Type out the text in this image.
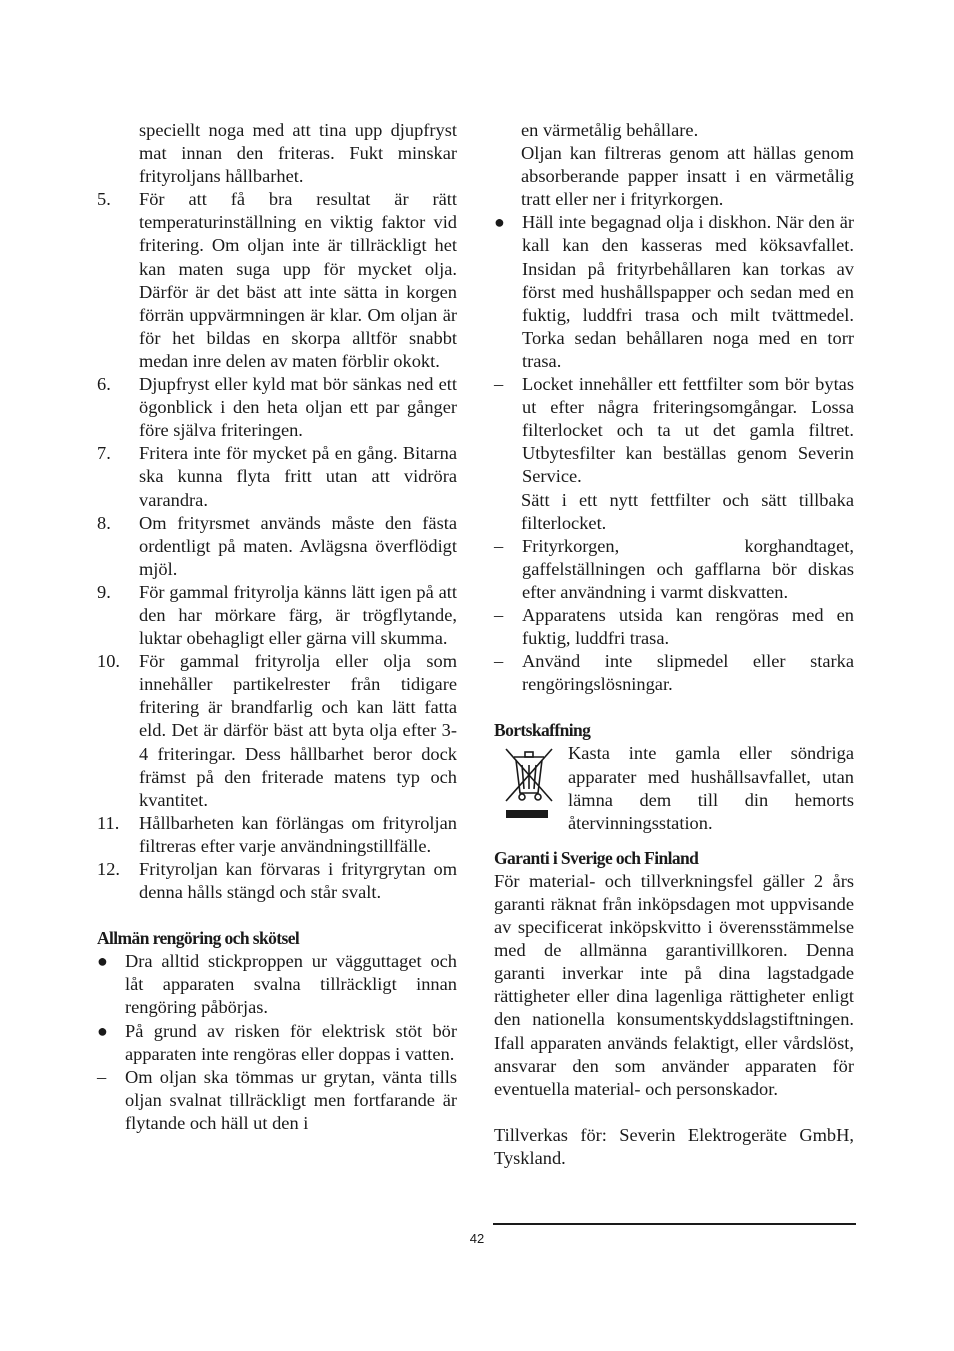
speciellt noga med att tina upp djupfryst mat innan den friteras. Fukt minskar frityroljans hållbarhet.

5.	För att få bra resultat är rätt temperaturinställning en viktig faktor vid fritering. Om oljan inte är tillräckligt het kan maten suga upp för mycket olja. Därför är det bäst att inte sätta in korgen förrän uppvärmningen är klar. Om oljan är för het bildas en skorpa alltför snabbt medan inre delen av maten förblir okokt.
6.	Djupfryst eller kyld mat bör sänkas ned ett ögonblick i den heta oljan ett par gånger före själva friteringen.
7.	Fritera inte för mycket på en gång. Bitarna ska kunna flyta fritt utan att vidröra varandra.
8.	Om frityrsmet används måste den fästa ordentligt på maten. Avlägsna överflödigt mjöl.
9.	För gammal frityrolja känns lätt igen på att den har mörkare färg, är trögflytande, luktar obehagligt eller gärna vill skumma.
10.	För gammal frityrolja eller olja som innehåller partikelrester från tidigare fritering är brandfarlig och kan lätt fatta eld. Det är därför bäst att byta olja efter 3-4 friteringar. Dess hållbarhet beror dock främst på den friterade matens typ och kvantitet.
11.	Hållbarheten kan förlängas om frityroljan filtreras efter varje användningstillfälle.
12.	Frityroljan kan förvaras i frityrgrytan om denna hålls stängd och står svalt.
Allmän rengöring och skötsel
● Dra alltid stickproppen ur vägguttaget och låt apparaten svalna tillräckligt innan rengöring påbörjas.
● På grund av risken för elektrisk stöt bör apparaten inte rengöras eller doppas i vatten.
–	Om oljan ska tömmas ur grytan, vänta tills oljan svalnat tillräckligt men fortfarande är flytande och häll ut den i

en värmetålig behållare.

Oljan kan filtreras genom att hällas genom absorberande papper insatt i en värmetålig tratt eller ner i frityrkorgen.

● Häll inte begagnad olja i diskhon. När den är kall kan den kasseras med köksavfallet. Insidan på frityrbehållaren kan torkas av först med hushållspapper och sedan med en fuktig, luddfri trasa och milt tvättmedel. Torka sedan behållaren noga med en torr trasa.
–	Locket innehåller ett fettfilter som bör bytas ut efter några friteringsomgångar. Lossa filterlocket och ta ut det gamla filtret. Utbytesfilter kan beställas genom Severin Service.

Sätt i ett nytt fettfilter och sätt tillbaka filterlocket.

–	Frityrkorgen, korghandtaget, gaffelställningen och gafflarna bör diskas efter användning i varmt diskvatten.
–	Apparatens utsida kan rengöras med en fuktig, luddfri trasa.
–	Använd inte slipmedel eller starka rengöringslösningar.
Bortskaffning

Kasta inte gamla eller söndriga apparater med hushållsavfallet, utan lämna dem till din hemorts återvinningsstation.

Garanti i Sverige och Finland

För material- och tillverkningsfel gäller 2 års garanti räknat från inköpsdagen mot uppvisande av specificerat inköpskvitto i överensstämmelse med de allmänna garantivillkoren. Denna garanti inverkar inte på dina lagstadgade rättigheter eller dina lagenliga rättigheter enligt den nationella konsumentskyddslagstiftningen. Ifall apparaten används felaktigt, eller vårdslöst, ansvarar den som använder apparaten för eventuella material- och personskador.

Tillverkas för: Severin Elektrogeräte GmbH, Tyskland.

42
